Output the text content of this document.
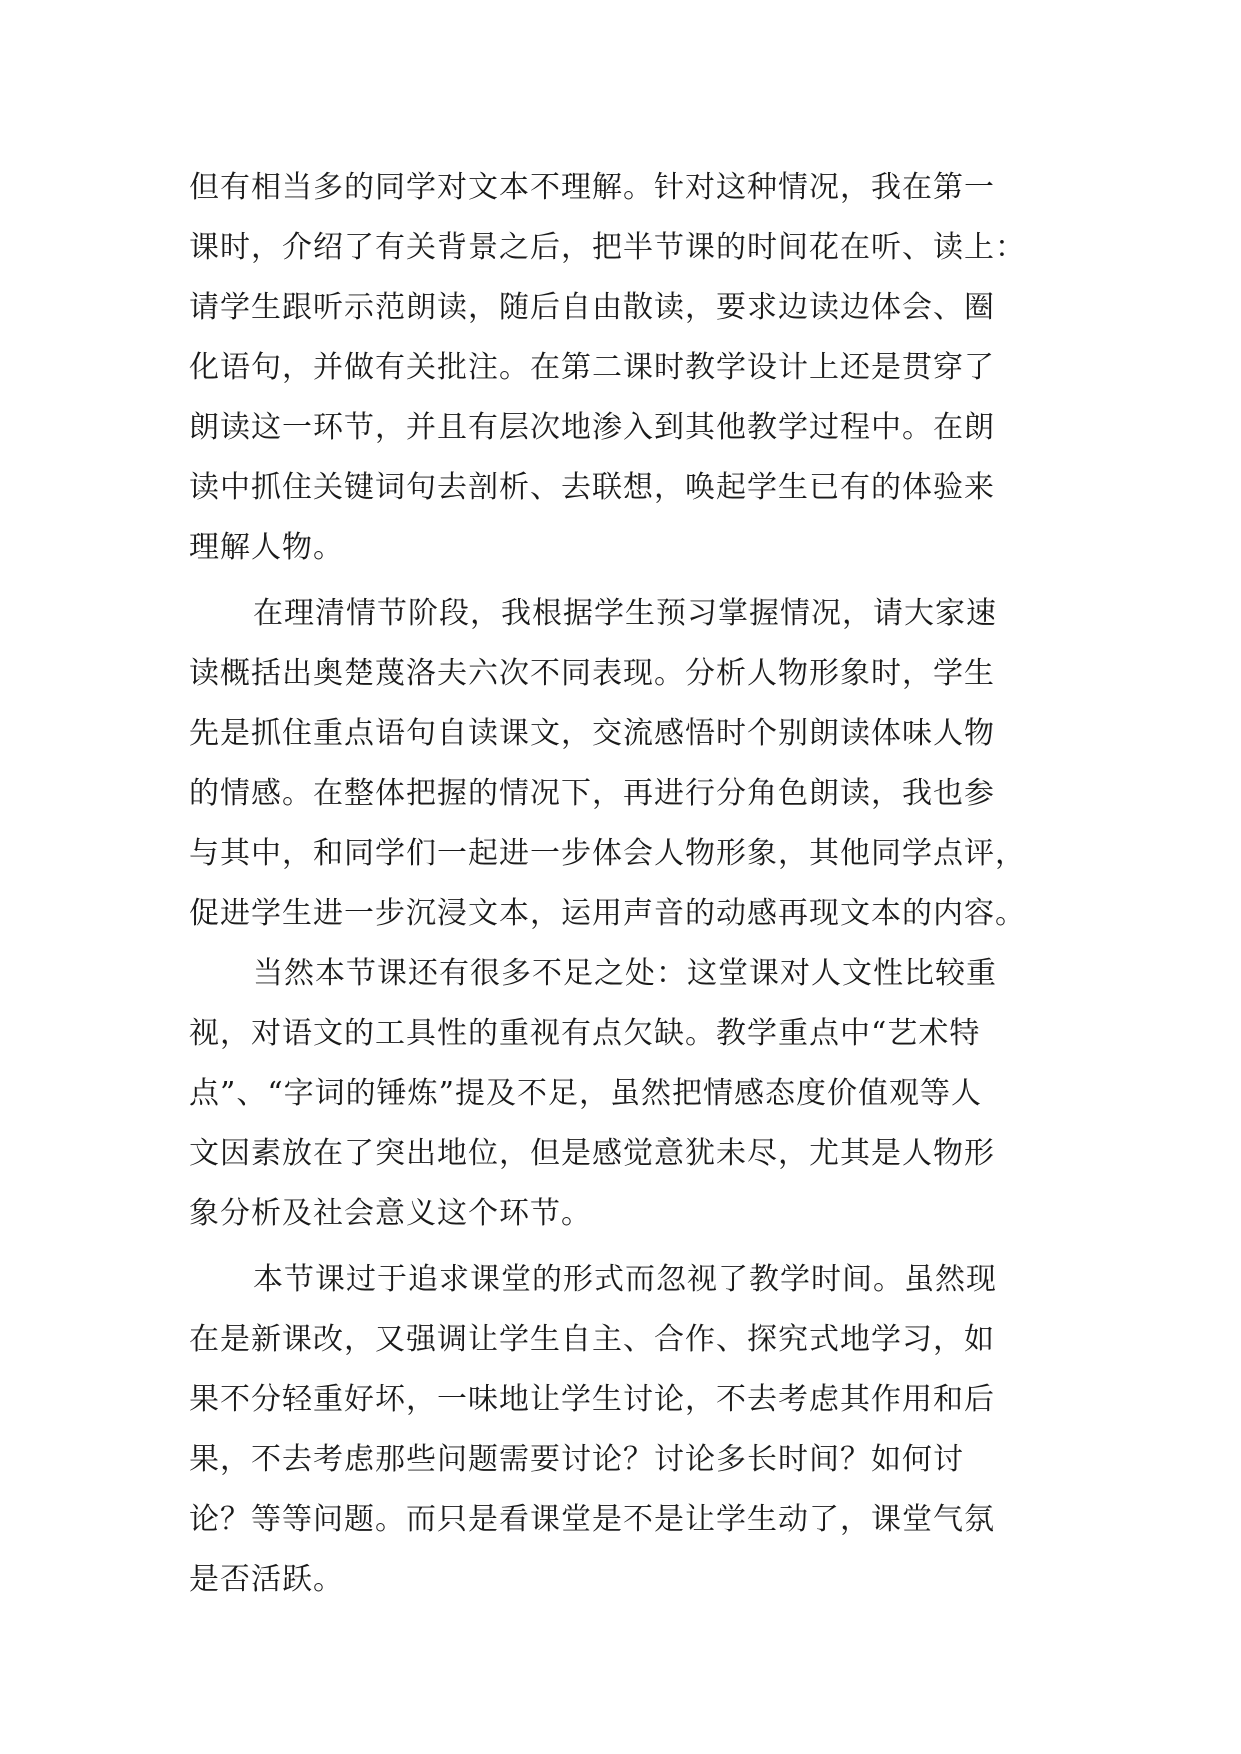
但有相当多的同学对文本不理解。针对这种情况，我在第一
课时，介绍了有关背景之后，把半节课的时间花在听、读上：
请学生跟听示范朗读，随后自由散读，要求边读边体会、圈
化语句，并做有关批注。在第二课时教学设计上还是贯穿了
朗读这一环节，并且有层次地渗入到其他教学过程中。在朗
读中抓住关键词句去剖析、去联想，唤起学生已有的体验来
理解人物。
在理清情节阶段，我根据学生预习掌握情况，请大家速
读概括出奥楚蔑洛夫六次不同表现。分析人物形象时，学生
先是抓住重点语句自读课文，交流感悟时个别朗读体味人物
的情感。在整体把握的情况下，再进行分角色朗读，我也参
与其中，和同学们一起进一步体会人物形象，其他同学点评，
促进学生进一步沉浸文本，运用声音的动感再现文本的内容。
当然本节课还有很多不足之处：这堂课对人文性比较重
视，对语文的工具性的重视有点欠缺。教学重点中“艺术特
点”、“字词的锤炼”提及不足，虽然把情感态度价值观等人
文因素放在了突出地位，但是感觉意犹未尽，尤其是人物形
象分析及社会意义这个环节。
本节课过于追求课堂的形式而忽视了教学时间。虽然现
在是新课改，又强调让学生自主、合作、探究式地学习，如
果不分轻重好坏，一味地让学生讨论，不去考虑其作用和后
果，不去考虑那些问题需要讨论？讨论多长时间？如何讨
论？等等问题。而只是看课堂是不是让学生动了，课堂气氛
是否活跃。
